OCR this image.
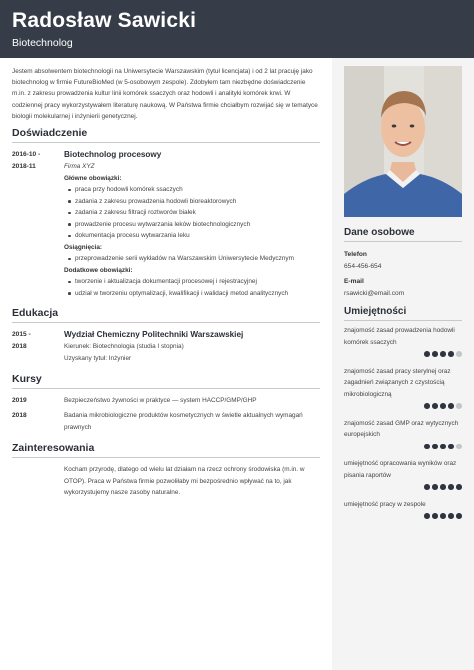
Radosław Sawicki
Biotechnolog

Jestem absolwentem biotechnologii na Uniwersytecie Warszawskim (tytuł licencjata) i od 2 lat pracuję jako biotechnolog w firmie FutureBioMed (w 5-osobowym zespole). Zdobyłem tam niezbędne doświadczenie m.in. z zakresu prowadzenia kultur linii komórek ssaczych oraz hodowli i analityki komórek krwi. W codziennej pracy wykorzystywałem literaturę naukową. W Państwa firmie chciałbym rozwijać się w tematyce biologii molekularnej i inżynierii genetycznej.

Doświadczenie
2016-10 -
2018-11
Biotechnolog procesowy
Firma XYZ
Główne obowiązki:
praca przy hodowli komórek ssaczych
zadania z zakresu prowadzenia hodowli bioreaktorowych
zadania z zakresu filtracji roztworów białek
prowadzenie procesu wytwarzania leków biotechnologicznych
dokumentacja procesu wytwarzania leku
Osiągnięcia:
przeprowadzenie serii wykładów na Warszawskim Uniwersytecie Medycznym
Dodatkowe obowiązki:
tworzenie i aktualizacja dokumentacji procesowej i rejestracyjnej
udział w tworzeniu optymalizacji, kwalifikacji i walidacji metod analitycznych
Edukacja
2015 -
2018
Wydział Chemiczny Politechniki Warszawskiej
Kierunek: Biotechnologia (studia I stopnia)
Uzyskany tytuł: Inżynier
Kursy
2019	Bezpieczeństwo żywności w praktyce — system HACCP/GMP/GHP
2018	Badania mikrobiologiczne produktów kosmetycznych w świetle aktualnych wymagań prawnych
Zainteresowania
Kocham przyrodę, dlatego od wielu lat działam na rzecz ochrony środowiska (m.in. w OTOP). Praca w Państwa firmie pozwoliłaby mi bezpośrednio wpływać na to, jak wykorzystujemy nasze zasoby naturalne.
Dane osobowe
Telefon
654-456-654
E-mail
rsawicki@email.com
Umiejętności
znajomość zasad prowadzenia hodowli komórek ssaczych
znajomość zasad pracy sterylnej oraz zagadnień związanych z czystością mikrobiologiczną
znajomość zasad GMP oraz wytycznych europejskich
umiejętność opracowania wyników oraz pisania raportów
umiejętność pracy w zespole
